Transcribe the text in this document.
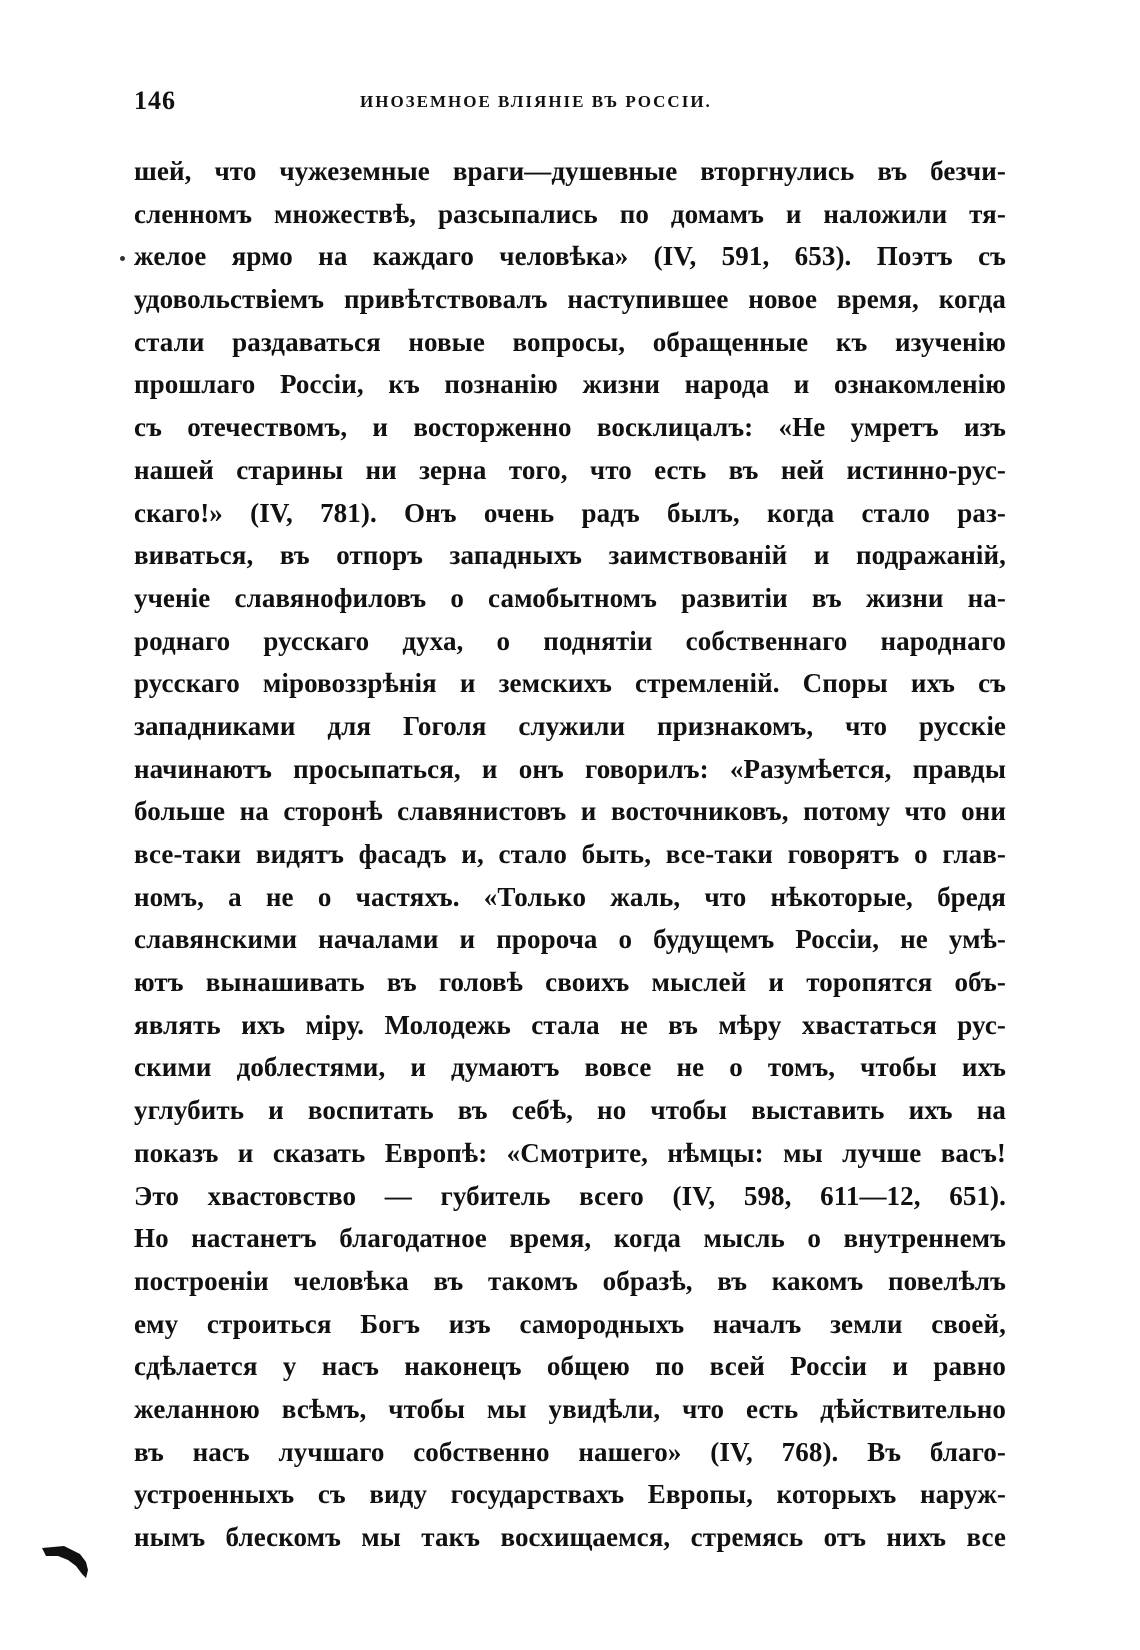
146	ИНОЗЕМНОЕ ВЛІЯНІЕ ВЪ РОССІИ.
шей, что чужеземные враги—душевные вторгнулись въ безчи-
сленномъ множествѣ, разсыпались по домамъ и наложили тя-
желое ярмо на каждаго человѣка» (IV, 591, 653). Поэтъ съ
удовольствіемъ привѣтствовалъ наступившее новое время, когда
стали раздаваться новые вопросы, обращенные къ изученію
прошлаго Россіи, къ познанію жизни народа и ознакомленію
съ отечествомъ, и восторженно восклицалъ: «Не умретъ изъ
нашей старины ни зерна того, что есть въ ней истинно-рус-
скаго!» (IV, 781). Онъ очень радъ былъ, когда стало раз-
виваться, въ отпоръ западныхъ заимствованій и подражаній,
ученіе славянофиловъ о самобытномъ развитіи въ жизни на-
роднаго русскаго духа, о поднятіи собственнаго народнаго
русскаго міровоззрѣнія и земскихъ стремленій. Споры ихъ съ
западниками для Гоголя служили признакомъ, что русскіе
начинаютъ просыпаться, и онъ говорилъ: «Разумѣется, правды
больше на сторонѣ славянистовъ и восточниковъ, потому что они
все-таки видятъ фасадъ и, стало быть, все-таки говорятъ о глав-
номъ, а не о частяхъ. «Только жаль, что нѣкоторые, бредя
славянскими началами и пророча о будущемъ Россіи, не умѣ-
ютъ вынашивать въ головѣ своихъ мыслей и торопятся объ-
являть ихъ міру. Молодежь стала не въ мѣру хвастаться рус-
скими доблестями, и думаютъ вовсе не о томъ, чтобы ихъ
углубить и воспитать въ себѣ, но чтобы выставить ихъ на
показъ и сказать Европѣ: «Смотрите, нѣмцы: мы лучше васъ!
Это хвастовство — губитель всего (IV, 598, 611—12, 651).
Но настанетъ благодатное время, когда мысль о внутреннемъ
построеніи человѣка въ такомъ образѣ, въ какомъ повелѣлъ
ему строиться Богъ изъ самородныхъ началъ земли своей,
сдѣлается у насъ наконецъ общею по всей Россіи и равно
желанною всѣмъ, чтобы мы увидѣли, что есть дѣйствительно
въ насъ лучшаго собственно нашего» (IV, 768). Въ благо-
устроенныхъ съ виду государствахъ Европы, которыхъ наруж-
нымъ блескомъ мы такъ восхищаемся, стремясь отъ нихъ все
